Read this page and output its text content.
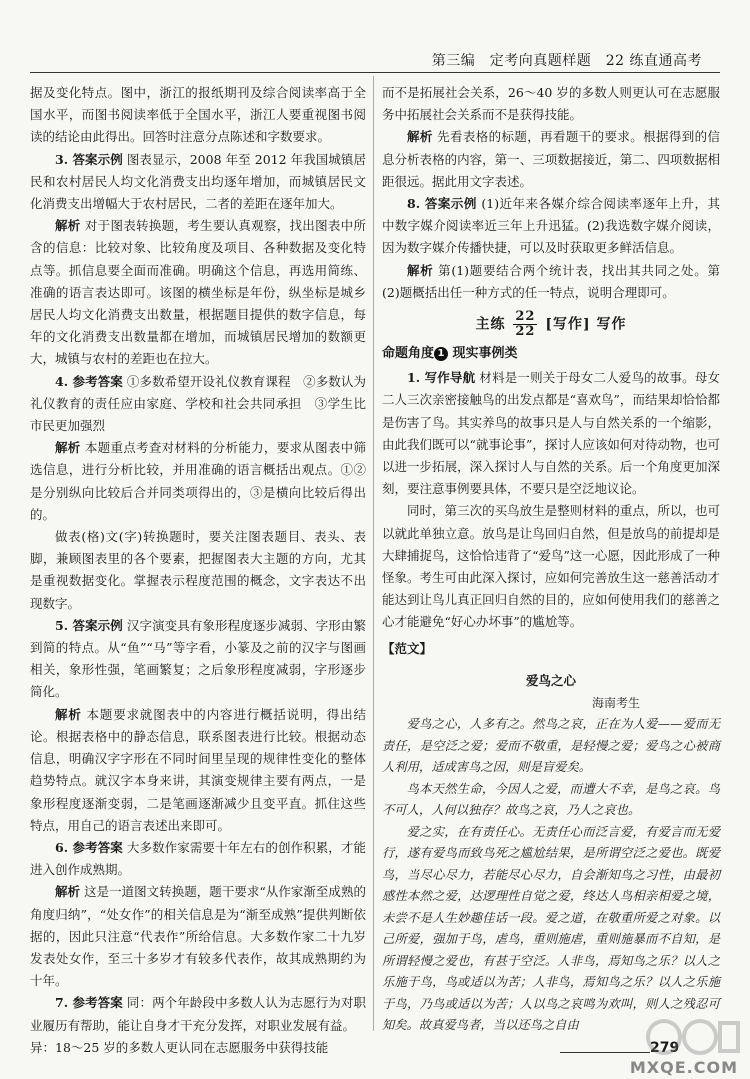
第三编　定考向真题样题　22 练直通高考

据及变化特点。图中，浙江的报纸期刊及综合阅读率高于全国水平，而图书阅读率低于全国水平，浙江人要重视图书阅读的结论由此得出。回答时注意分点陈述和字数要求。

3. 答案示例 图表显示，2008 年至 2012 年我国城镇居民和农村居民人均文化消费支出均逐年增加，而城镇居民文化消费支出增幅大于农村居民，二者的差距在逐年加大。

解析 对于图表转换题，考生要认真观察，找出图表中所含的信息：比较对象、比较角度及项目、各种数据及变化特点等。抓信息要全面而准确。明确这个信息，再选用简练、准确的语言表达即可。该图的横坐标是年份，纵坐标是城乡居民人均文化消费支出数量，根据题目提供的数字信息，每年的文化消费支出数量都在增加，而城镇居民增加的数额更大，城镇与农村的差距也在拉大。

4. 参考答案 ①多数希望开设礼仪教育课程　②多数认为礼仪教育的责任应由家庭、学校和社会共同承担　③学生比市民更加强烈

解析 本题重点考查对材料的分析能力，要求从图表中筛选信息，进行分析比较，并用准确的语言概括出观点。①②是分别纵向比较后合并同类项得出的，③是横向比较后得出的。

做表(格)文(字)转换题时，要关注图表题目、表头、表脚，兼顾图表里的各个要素，把握图表大主题的方向，尤其是重视数据变化。掌握表示程度范围的概念，文字表达不出现数字。

5. 答案示例 汉字演变具有象形程度逐步减弱、字形由繁到简的特点。从“鱼”“马”等字看，小篆及之前的汉字与图画相关，象形性强，笔画繁复；之后象形程度减弱，字形逐步简化。

解析 本题要求就图表中的内容进行概括说明，得出结论。根据表格中的静态信息，联系图表进行比较。根据动态信息，明确汉字字形在不同时间里呈现的规律性变化的整体趋势特点。就汉字本身来讲，其演变规律主要有两点，一是象形程度逐渐变弱，二是笔画逐渐减少且变平直。抓住这些特点，用自己的语言表述出来即可。

6. 参考答案 大多数作家需要十年左右的创作积累，才能进入创作成熟期。

解析 这是一道图文转换题，题干要求“从作家渐至成熟的角度归纳”，“处女作”的相关信息是为“渐至成熟”提供判断依据的，因此只注意“代表作”所给信息。大多数作家二十九岁发表处女作，至三十多岁才有较多代表作，故其成熟期约为十年。

7. 参考答案 同：两个年龄段中多数人认为志愿行为对职业履历有帮助，能让自身才干充分发挥，对职业发展有益。

异：18～25 岁的多数人更认同在志愿服务中获得技能

而不是拓展社会关系，26～40 岁的多数人则更认可在志愿服务中拓展社会关系而不是获得技能。

解析 先看表格的标题，再看题干的要求。根据得到的信息分析表格的内容，第一、三项数据接近，第二、四项数据相距很远。据此用文字表述。

8. 答案示例 (1)近年来各媒介综合阅读率逐年上升，其中数字媒介阅读率近三年上升迅猛。(2)我选数字媒介阅读，因为数字媒介传播快捷，可以及时获取更多鲜活信息。

解析 第(1)题要结合两个统计表，找出其共同之处。第(2)题概括出任一种方式的任一特点，说明合理即可。

主练 $\frac{22}{22}$ [写作] 写作
命题角度 1 现实事例类

1. 写作导航 材料是一则关于母女二人爱鸟的故事。母女二人三次亲密接触鸟的出发点都是“喜欢鸟”，而结果却恰恰都是伤害了鸟。其实养鸟的故事只是人与自然关系的一个缩影，由此我们既可以“就事论事”，探讨人应该如何对待动物，也可以进一步拓展，深入探讨人与自然的关系。后一个角度更加深刻，要注意事例要具体，不要只是空泛地议论。

同时，第三次的买鸟放生是整则材料的重点，所以，也可以就此单独立意。放鸟是让鸟回归自然，但是放鸟的前提却是大肆捕捉鸟，这恰恰违背了“爱鸟”这一心愿，因此形成了一种怪象。考生可由此深入探讨，应如何完善放生这一慈善活动才能达到让鸟儿真正回归自然的目的，应如何使用我们的慈善之心才能避免“好心办坏事”的尴尬等。

【范文】
爱鸟之心
海南考生

爱鸟之心，人多有之。然鸟之哀，正在为人爱——爱而无责任，是空泛之爱；爱而不敬重，是轻慢之爱；爱鸟之心被商人利用，适成害鸟之因，则是盲爱矣。

鸟本天然生命，今因人之爱，而遭大不幸，是鸟之哀。鸟不可人，人何以独存？故鸟之哀，乃人之哀也。

爱之实，在有责任心。无责任心而泛言爱，有爱言而无爱行，遂有爱鸟而致鸟死之尴尬结果，是所谓空泛之爱也。既爱鸟，当尽心尽力，若能尽心尽力，自会渐知鸟之习性，由最初感性本然之爱，达逻理性自觉之爱，终达人鸟相亲相爱之境，未尝不是人生妙趣佳话一段。爱之道，在敬重所爱之对象。以己所爱，强加于鸟，虐鸟，重则施虐，重则施暴而不自知，是所谓轻慢之爱也，有甚于空泛。人非鸟，焉知鸟之乐？以人之乐施于鸟，鸟或适以为苦；人非鸟，焉知鸟之乐？以人之乐施于鸟，乃鸟或适以为苦；人以鸟之哀鸣为欢叫，则人之残忍可知矣。故真爱鸟者，当以还鸟之自由

279
MXQE.COM
